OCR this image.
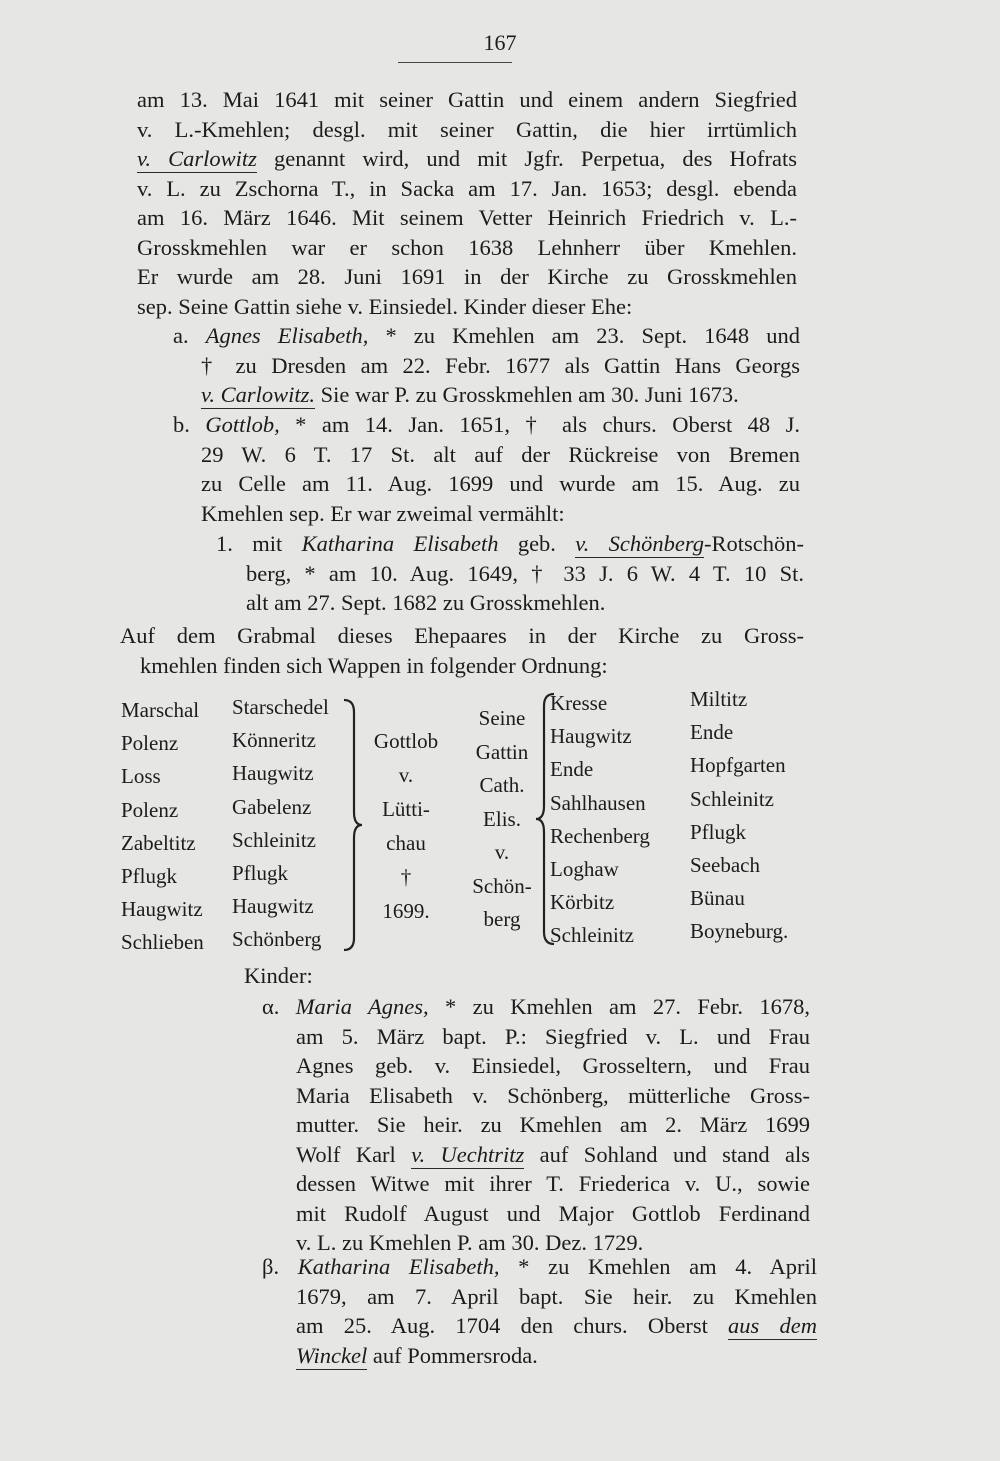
167
am 13. Mai 1641 mit seiner Gattin und einem andern Siegfried
v. L.-Kmehlen; desgl. mit seiner Gattin, die hier irrtümlich
v. Carlowitz genannt wird, und mit Jgfr. Perpetua, des Hofrats
v. L. zu Zschorna T., in Sacka am 17. Jan. 1653; desgl. ebenda
am 16. März 1646. Mit seinem Vetter Heinrich Friedrich v. L.-
Grosskmehlen war er schon 1638 Lehnherr über Kmehlen.
Er wurde am 28. Juni 1691 in der Kirche zu Grosskmehlen
sep. Seine Gattin siehe v. Einsiedel. Kinder dieser Ehe:
a. Agnes Elisabeth, * zu Kmehlen am 23. Sept. 1648 und
† zu Dresden am 22. Febr. 1677 als Gattin Hans Georgs
v. Carlowitz. Sie war P. zu Grosskmehlen am 30. Juni 1673.
b. Gottlob, * am 14. Jan. 1651, † als churs. Oberst 48 J.
29 W. 6 T. 17 St. alt auf der Rückreise von Bremen
zu Celle am 11. Aug. 1699 und wurde am 15. Aug. zu
Kmehlen sep. Er war zweimal vermählt:
1. mit Katharina Elisabeth geb. v. Schönberg-Rotschön-
berg, * am 10. Aug. 1649, † 33 J. 6 W. 4 T. 10 St.
alt am 27. Sept. 1682 zu Grosskmehlen.
Auf dem Grabmal dieses Ehepaares in der Kirche zu Gross-
kmehlen finden sich Wappen in folgender Ordnung:
Marschal
Polenz
Loss
Polenz
Zabeltitz
Pflugk
Haugwitz
Schlieben
Starschedel
Könneritz
Haugwitz
Gabelenz
Schleinitz
Pflugk
Haugwitz
Schönberg
Gottlob
v.
Lütti-
chau
†
1699.
Seine
Gattin
Cath.
Elis.
v.
Schön-
berg
Kresse
Haugwitz
Ende
Sahlhausen
Rechenberg
Loghaw
Körbitz
Schleinitz
Miltitz
Ende
Hopfgarten
Schleinitz
Pflugk
Seebach
Bünau
Boyneburg.
Kinder:
α. Maria Agnes, * zu Kmehlen am 27. Febr. 1678,
am 5. März bapt. P.: Siegfried v. L. und Frau
Agnes geb. v. Einsiedel, Grosseltern, und Frau
Maria Elisabeth v. Schönberg, mütterliche Gross-
mutter. Sie heir. zu Kmehlen am 2. März 1699
Wolf Karl v. Uechtritz auf Sohland und stand als
dessen Witwe mit ihrer T. Friederica v. U., sowie
mit Rudolf August und Major Gottlob Ferdinand
v. L. zu Kmehlen P. am 30. Dez. 1729.
β. Katharina Elisabeth, * zu Kmehlen am 4. April
1679, am 7. April bapt. Sie heir. zu Kmehlen
am 25. Aug. 1704 den churs. Oberst aus dem
Winckel auf Pommersroda.
